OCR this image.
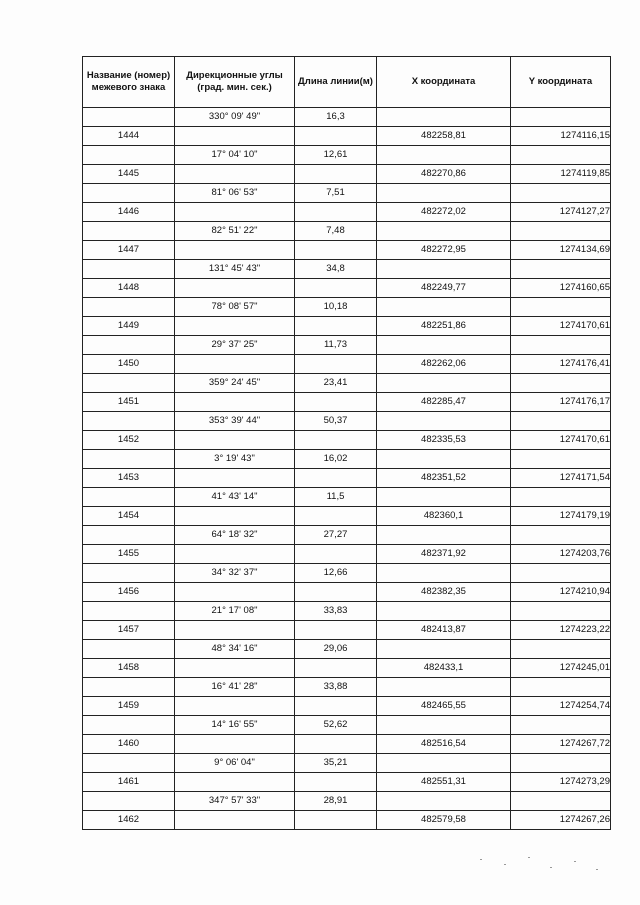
Название (номер) межевого знака	Дирекционные углы (град. мин. сек.)	Длина линии(м)	X координата	Y координата
	330° 09' 49"	16,3		
1444			482258,81	1274116,15
	17° 04' 10"	12,61		
1445			482270,86	1274119,85
	81° 06' 53"	7,51		
1446			482272,02	1274127,27
	82° 51' 22"	7,48		
1447			482272,95	1274134,69
	131° 45' 43"	34,8		
1448			482249,77	1274160,65
	78° 08' 57"	10,18		
1449			482251,86	1274170,61
	29° 37' 25"	11,73		
1450			482262,06	1274176,41
	359° 24' 45"	23,41		
1451			482285,47	1274176,17
	353° 39' 44"	50,37		
1452			482335,53	1274170,61
	3° 19' 43"	16,02		
1453			482351,52	1274171,54
	41° 43' 14"	11,5		
1454			482360,1	1274179,19
	64° 18' 32"	27,27		
1455			482371,92	1274203,76
	34° 32' 37"	12,66		
1456			482382,35	1274210,94
	21° 17' 08"	33,83		
1457			482413,87	1274223,22
	48° 34' 16"	29,06		
1458			482433,1	1274245,01
	16° 41' 28"	33,88		
1459			482465,55	1274254,74
	14° 16' 55"	52,62		
1460			482516,54	1274267,72
	9° 06' 04"	35,21		
1461			482551,31	1274273,29
	347° 57' 33"	28,91		
1462			482579,58	1274267,26
